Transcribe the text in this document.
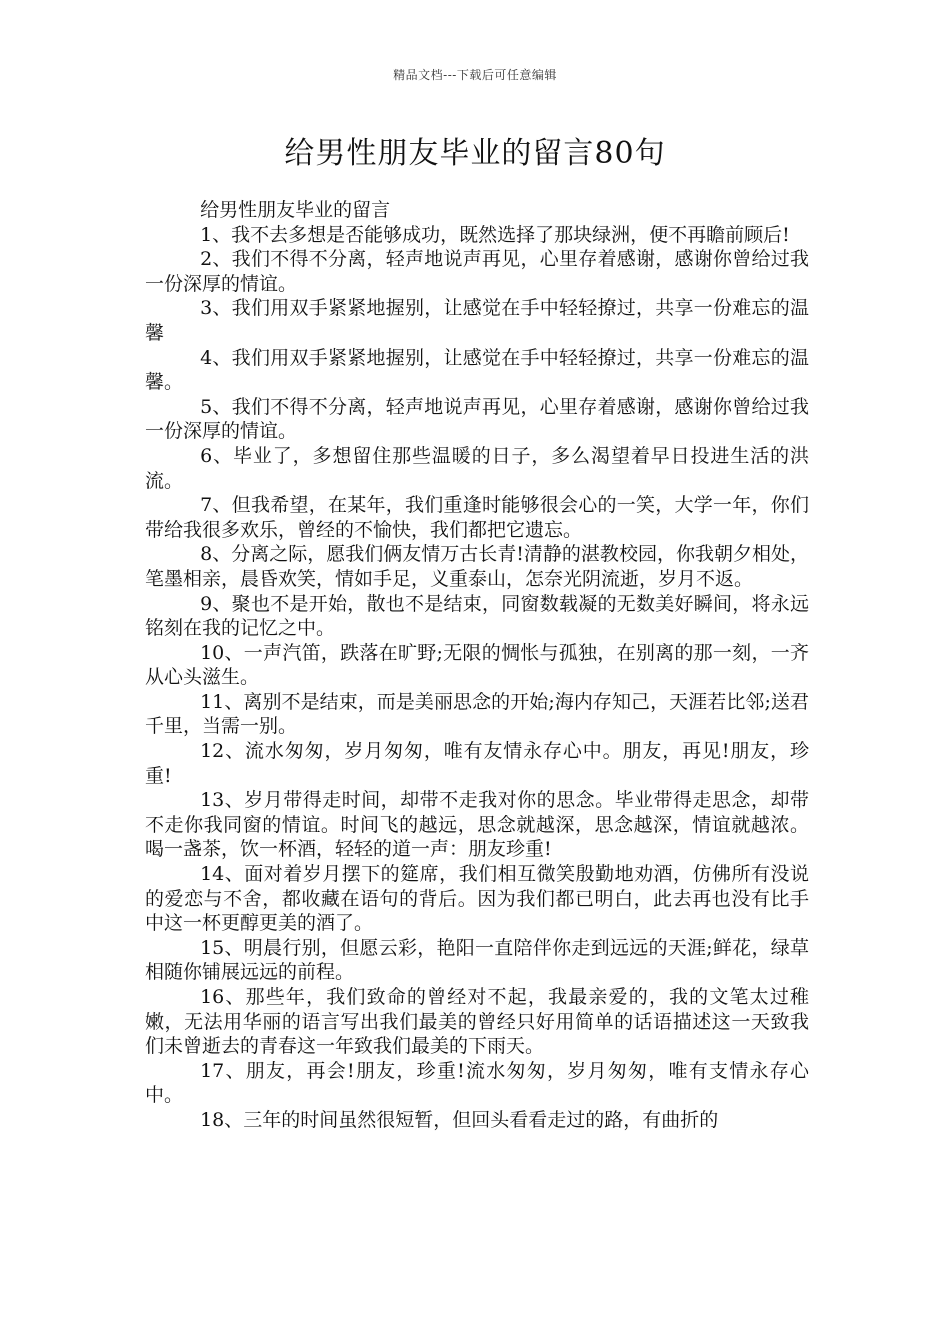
精品文档---下载后可任意编辑
给男性朋友毕业的留言80句

给男性朋友毕业的留言

1、我不去多想是否能够成功，既然选择了那块绿洲，便不再瞻前顾后!

2、我们不得不分离，轻声地说声再见，心里存着感谢，感谢你曾给过我一份深厚的情谊。

3、我们用双手紧紧地握别，让感觉在手中轻轻撩过，共享一份难忘的温馨

4、我们用双手紧紧地握别，让感觉在手中轻轻撩过，共享一份难忘的温馨。

5、我们不得不分离，轻声地说声再见，心里存着感谢，感谢你曾给过我一份深厚的情谊。

6、毕业了，多想留住那些温暖的日子，多么渴望着早日投进生活的洪流。

7、但我希望，在某年，我们重逢时能够很会心的一笑，大学一年，你们带给我很多欢乐，曾经的不愉快，我们都把它遗忘。

8、分离之际，愿我们俩友情万古长青!清静的湛教校园，你我朝夕相处，笔墨相亲，晨昏欢笑，情如手足，义重泰山，怎奈光阴流逝，岁月不返。

9、聚也不是开始，散也不是结束，同窗数载凝的无数美好瞬间，将永远铭刻在我的记忆之中。

10、一声汽笛，跌落在旷野;无限的惆怅与孤独，在别离的那一刻，一齐从心头滋生。

11、离别不是结束，而是美丽思念的开始;海内存知己，天涯若比邻;送君千里，当需一别。

12、流水匆匆，岁月匆匆，唯有友情永存心中。朋友，再见!朋友，珍重!

13、岁月带得走时间，却带不走我对你的思念。毕业带得走思念，却带不走你我同窗的情谊。时间飞的越远，思念就越深，思念越深，情谊就越浓。喝一盏茶，饮一杯酒，轻轻的道一声：朋友珍重!

14、面对着岁月摆下的筵席，我们相互微笑殷勤地劝酒，仿佛所有没说的爱恋与不舍，都收藏在语句的背后。因为我们都已明白，此去再也没有比手中这一杯更醇更美的酒了。

15、明晨行别，但愿云彩，艳阳一直陪伴你走到远远的天涯;鲜花，绿草相随你铺展远远的前程。

16、那些年，我们致命的曾经对不起，我最亲爱的，我的文笔太过稚嫩，无法用华丽的语言写出我们最美的曾经只好用简单的话语描述这一天致我们未曾逝去的青春这一年致我们最美的下雨天。

17、朋友，再会!朋友，珍重!流水匆匆，岁月匆匆，唯有支情永存心中。

18、三年的时间虽然很短暂，但回头看看走过的路，有曲折的
